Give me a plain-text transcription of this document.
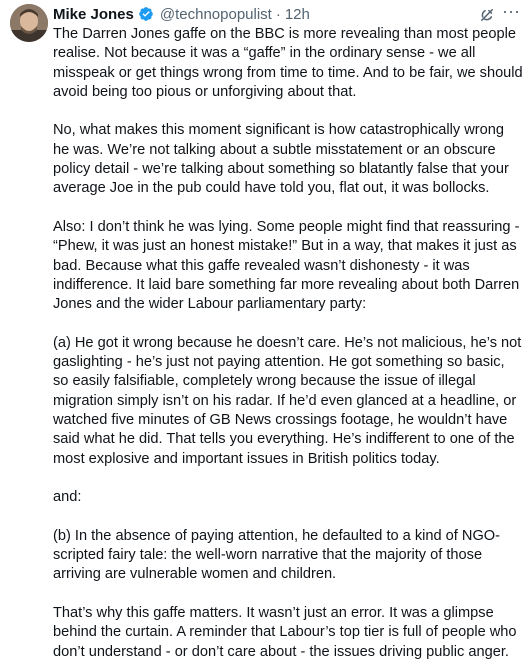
Mike Jones @technopopulist · 12h	···

The Darren Jones gaffe on the BBC is more revealing than most people realise. Not because it was a “gaffe” in the ordinary sense - we all misspeak or get things wrong from time to time. And to be fair, we should avoid being too pious or unforgiving about that.

No, what makes this moment significant is how catastrophically wrong he was. We’re not talking about a subtle misstatement or an obscure policy detail - we’re talking about something so blatantly false that your average Joe in the pub could have told you, flat out, it was bollocks.

Also: I don’t think he was lying. Some people might find that reassuring - “Phew, it was just an honest mistake!” But in a way, that makes it just as bad. Because what this gaffe revealed wasn’t dishonesty - it was indifference. It laid bare something far more revealing about both Darren Jones and the wider Labour parliamentary party:

(a) He got it wrong because he doesn’t care. He’s not malicious, he’s not gaslighting - he’s just not paying attention. He got something so basic, so easily falsifiable, completely wrong because the issue of illegal migration simply isn’t on his radar. If he’d even glanced at a headline, or watched five minutes of GB News crossings footage, he wouldn’t have said what he did. That tells you everything. He’s indifferent to one of the most explosive and important issues in British politics today.

and:

(b) In the absence of paying attention, he defaulted to a kind of NGO-scripted fairy tale: the well-worn narrative that the majority of those arriving are vulnerable women and children.

That’s why this gaffe matters. It wasn’t just an error. It was a glimpse behind the curtain. A reminder that Labour’s top tier is full of people who don’t understand - or don’t care about - the issues driving public anger.
